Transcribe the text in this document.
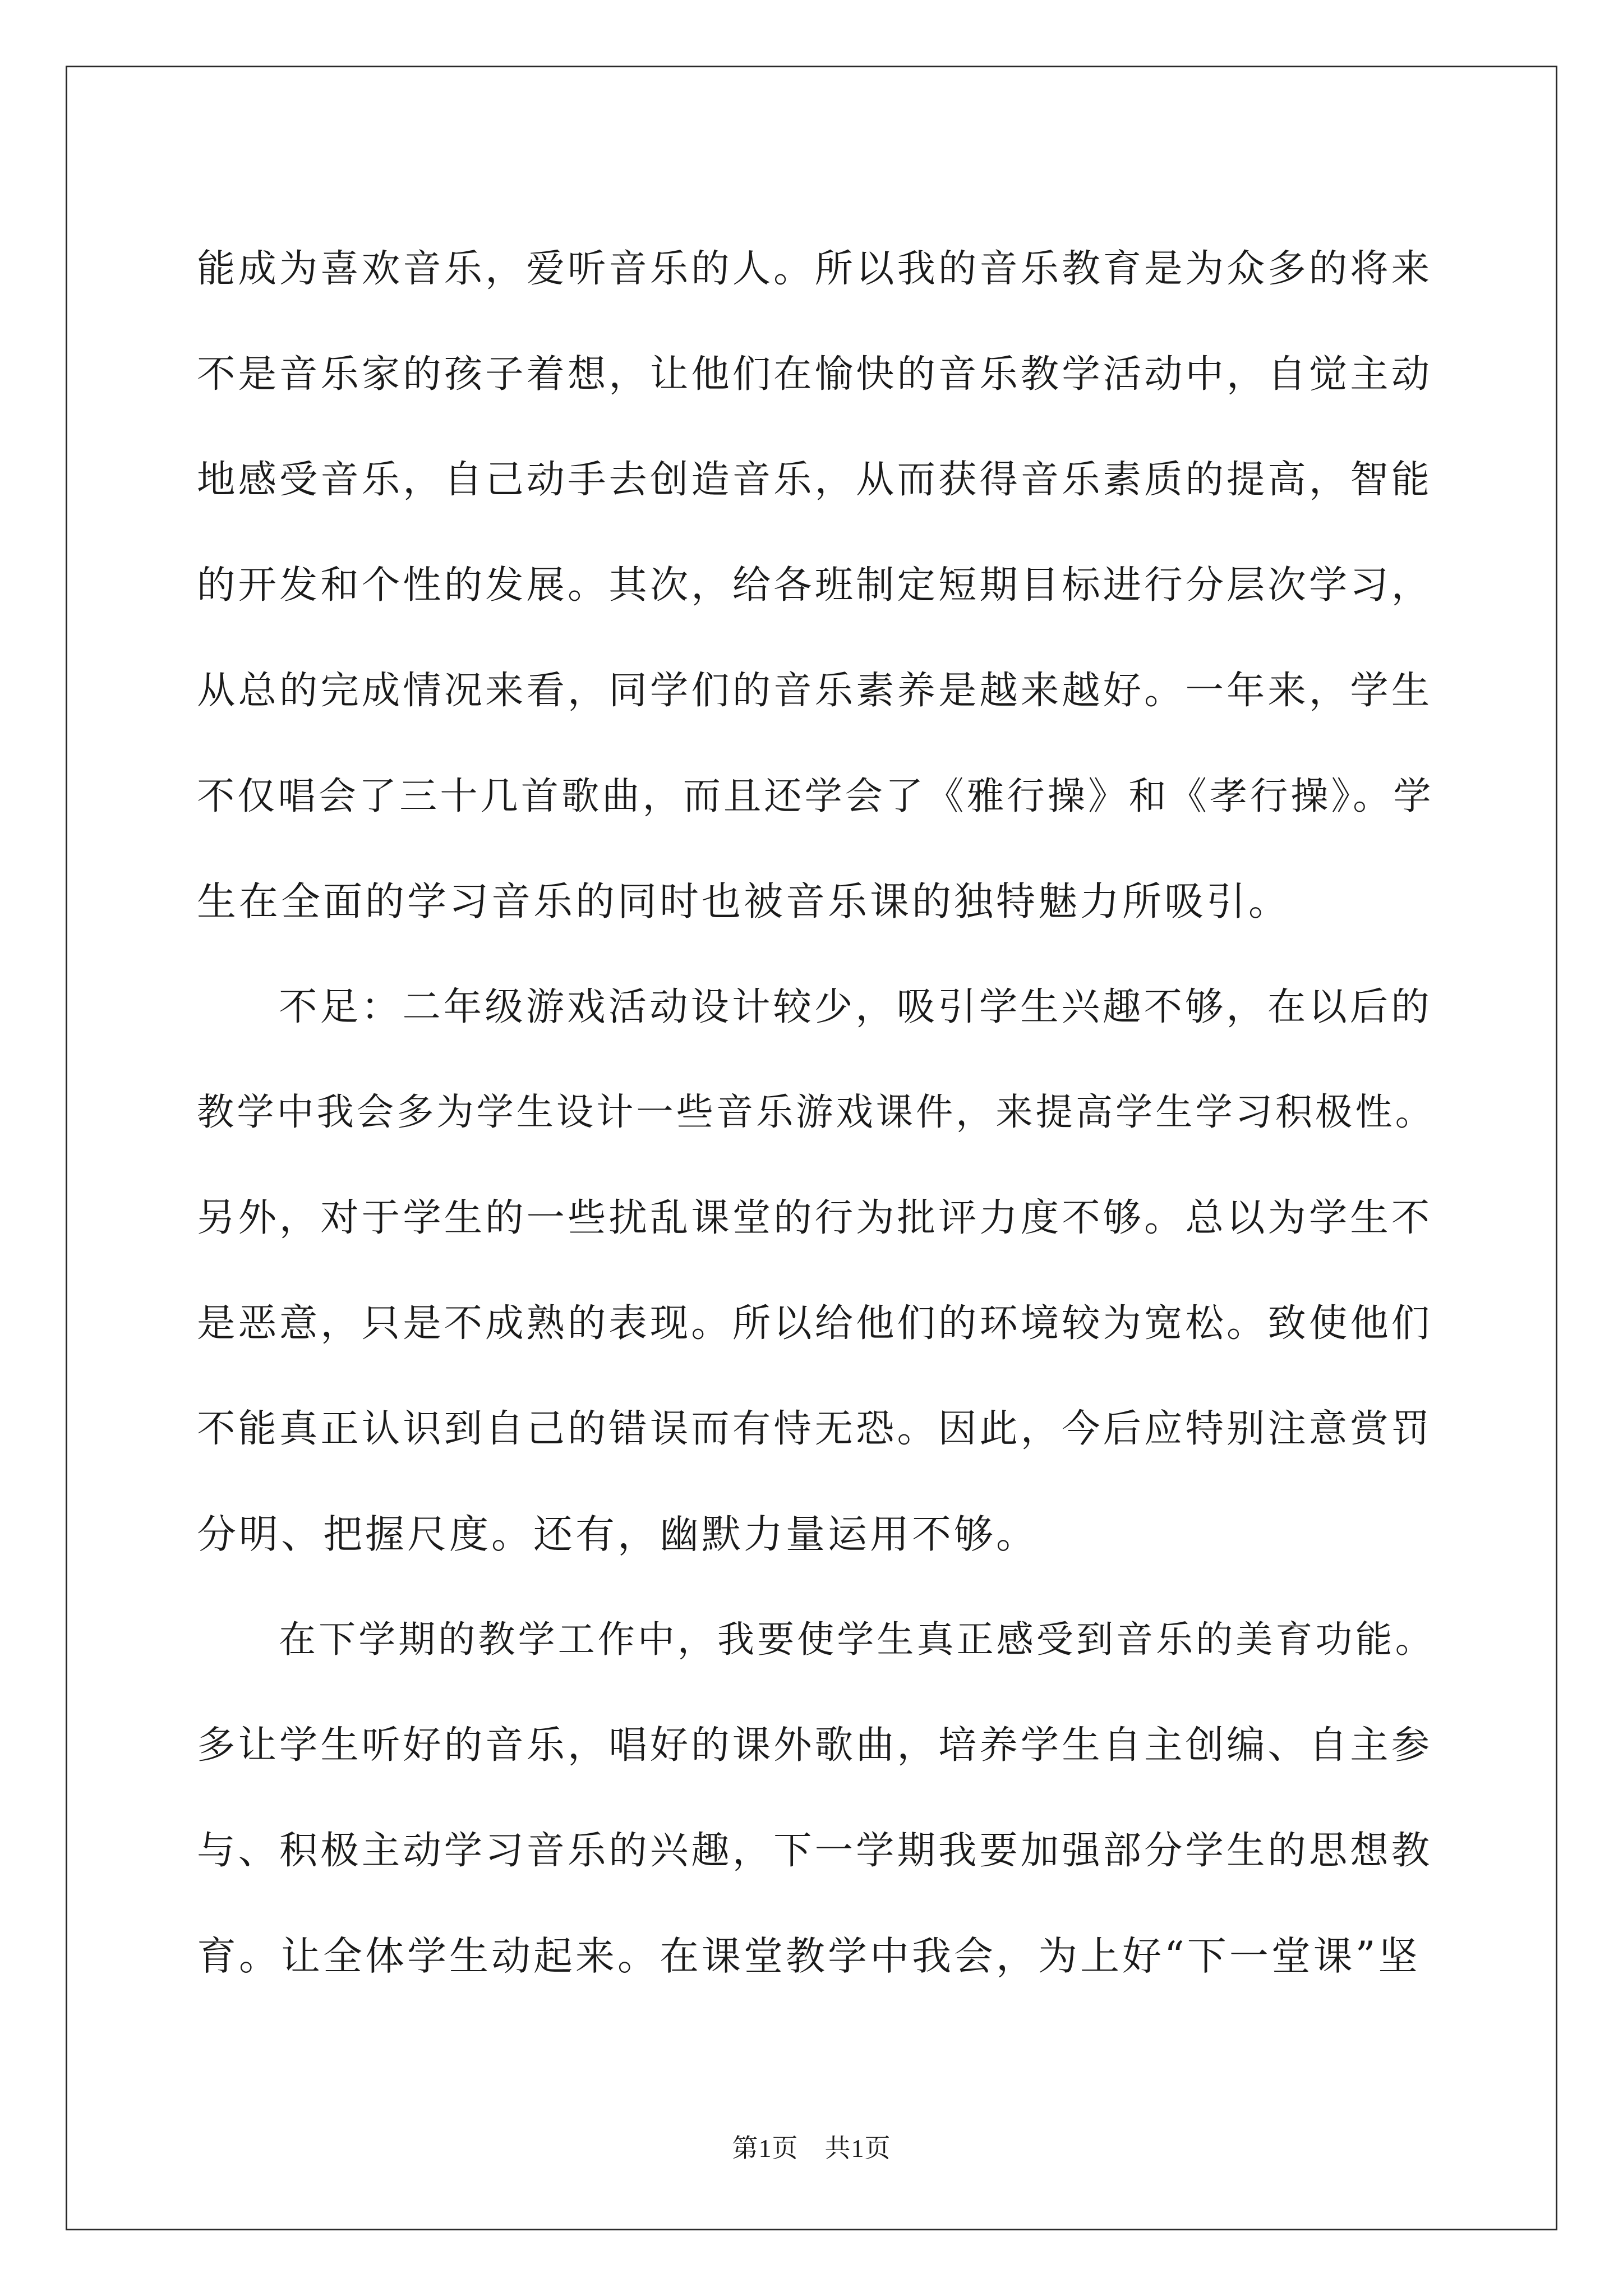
能成为喜欢音乐，爱听音乐的人。所以我的音乐教育是为众多的将来
不是音乐家的孩子着想，让他们在愉快的音乐教学活动中，自觉主动
地感受音乐，自己动手去创造音乐，从而获得音乐素质的提高，智能
的开发和个性的发展。其次，给各班制定短期目标进行分层次学习，
从总的完成情况来看，同学们的音乐素养是越来越好。一年来，学生
不仅唱会了三十几首歌曲，而且还学会了《雅行操》和《孝行操》。学
生在全面的学习音乐的同时也被音乐课的独特魅力所吸引。
不足：二年级游戏活动设计较少，吸引学生兴趣不够，在以后的
教学中我会多为学生设计一些音乐游戏课件，来提高学生学习积极性。
另外，对于学生的一些扰乱课堂的行为批评力度不够。总以为学生不
是恶意，只是不成熟的表现。所以给他们的环境较为宽松。致使他们
不能真正认识到自己的错误而有恃无恐。因此，今后应特别注意赏罚
分明、把握尺度。还有，幽默力量运用不够。
在下学期的教学工作中，我要使学生真正感受到音乐的美育功能。
多让学生听好的音乐，唱好的课外歌曲，培养学生自主创编、自主参
与、积极主动学习音乐的兴趣，下一学期我要加强部分学生的思想教
育。让全体学生动起来。在课堂教学中我会，为上好“下一堂课”坚
第1页　共1页
